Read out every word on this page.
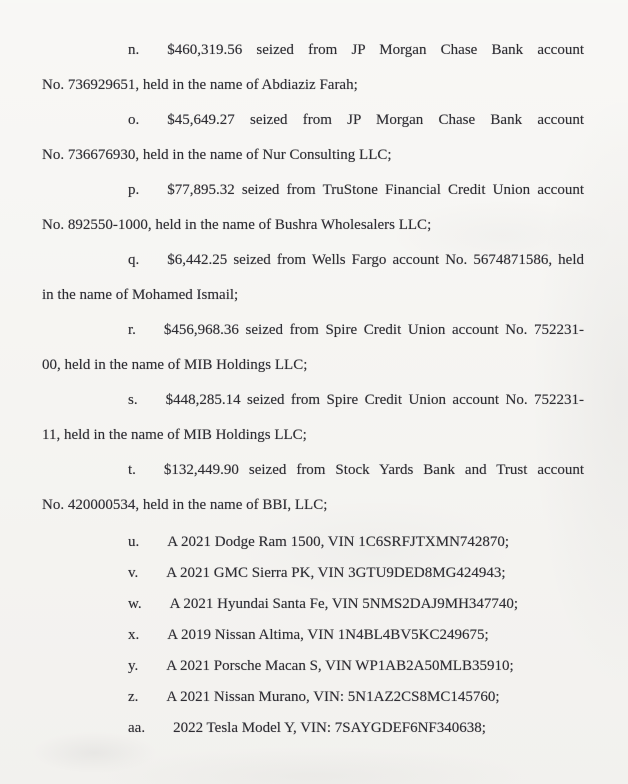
n. $460,319.56 seized from JP Morgan Chase Bank account
No. 736929651, held in the name of Abdiaziz Farah;
o. $45,649.27 seized from JP Morgan Chase Bank account
No. 736676930, held in the name of Nur Consulting LLC;
p. $77,895.32 seized from TruStone Financial Credit Union account
No. 892550-1000, held in the name of Bushra Wholesalers LLC;
q. $6,442.25 seized from Wells Fargo account No. 5674871586, held
in the name of Mohamed Ismail;
r. $456,968.36 seized from Spire Credit Union account No. 752231-
00, held in the name of MIB Holdings LLC;
s. $448,285.14 seized from Spire Credit Union account No. 752231-
11, held in the name of MIB Holdings LLC;
t. $132,449.90 seized from Stock Yards Bank and Trust account
No. 420000534, held in the name of BBI, LLC;
u. A 2021 Dodge Ram 1500, VIN 1C6SRFJTXMN742870;
v. A 2021 GMC Sierra PK, VIN 3GTU9DED8MG424943;
w. A 2021 Hyundai Santa Fe, VIN 5NMS2DAJ9MH347740;
x. A 2019 Nissan Altima, VIN 1N4BL4BV5KC249675;
y. A 2021 Porsche Macan S, VIN WP1AB2A50MLB35910;
z. A 2021 Nissan Murano, VIN: 5N1AZ2CS8MC145760;
aa. 2022 Tesla Model Y, VIN: 7SAYGDEF6NF340638;
